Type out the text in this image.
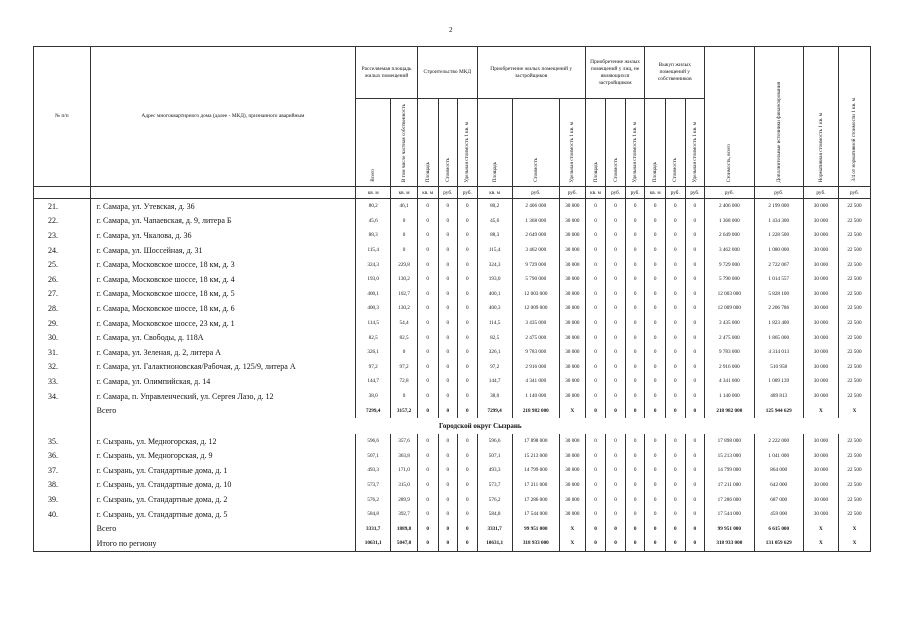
2
№ п/п	Адрес многоквартирного дома (далее - МКД), признанного аварийным	Расселяемая площадь жилых помещений		Строительство МКД			Приобретение жилых помещений у застройщиков			Приобретение жилых помещений у лиц, не являющихся застройщиком			Выкуп жилых помещений у собственников			Стоимость, всего	Дополнительные источники финансирования	Нормативная стоимость 1 кв. м	3/4 от нормативной стоимости 1 кв. м
		Всего	В том числе частная собственность	Площадь	Стоимость	Удельная стоимость 1 кв. м	Площадь	Стоимость	Удельная стоимость 1 кв. м	Площадь	Стоимость	Удельная стоимость 1 кв. м	Площадь	Стоимость	Удельная стоимость 1 кв. м				
		кв. м	кв. м	кв. м	руб.	руб.	кв. м	руб.	руб.	кв. м	руб.	руб.	кв. м	руб.	руб.	руб.	руб.	руб.	руб.
21.	г. Самара, ул. Утевская, д. 36	80,2	46,1	0	0	0	80,2	2 406 000	30 000	0	0	0	0	0	0	2 406 000	2 199 000	30 000	22 500
22.	г. Самара, ул. Чапаевская, д. 9, литера Б	45,6	0	0	0	0	45,6	1 368 000	30 000	0	0	0	0	0	0	1 368 000	1 434 300	30 000	22 500
23.	г. Самара, ул. Чкалова, д. 36	88,3	0	0	0	0	88,3	2 649 000	30 000	0	0	0	0	0	0	2 649 000	1 228 500	30 000	22 500
24.	г. Самара, ул. Шоссейная, д. 31	115,4	0	0	0	0	115,4	3 462 000	30 000	0	0	0	0	0	0	3 462 000	1 080 000	30 000	22 500
25.	г. Самара, Московское шоссе, 18 км, д. 3	324,3	229,8	0	0	0	324,3	9 729 000	30 000	0	0	0	0	0	0	9 729 000	2 722 067	30 000	22 500
26.	г. Самара, Московское шоссе, 18 км, д. 4	193,0	130,2	0	0	0	193,0	5 790 000	30 000	0	0	0	0	0	0	5 790 000	1 014 557	30 000	22 500
27.	г. Самара, Московское шоссе, 18 км, д. 5	400,1	102,7	0	0	0	400,1	12 003 000	30 000	0	0	0	0	0	0	12 003 000	5 828 100	30 000	22 500
28.	г. Самара, Московское шоссе, 18 км, д. 6	400,3	130,2	0	0	0	400,3	12 009 000	30 000	0	0	0	0	0	0	12 009 000	2 206 786	30 000	22 500
29.	г. Самара, Московское шоссе, 23 км, д. 1	114,5	54,4	0	0	0	114,5	3 435 000	30 000	0	0	0	0	0	0	3 435 000	1 823 400	30 000	22 500
30.	г. Самара, ул. Свободы, д. 118А	82,5	82,5	0	0	0	82,5	2 475 000	30 000	0	0	0	0	0	0	2 475 000	1 865 000	30 000	22 500
31.	г. Самара, ул. Зеленая, д. 2, литера А	326,1	0	0	0	0	326,1	9 783 000	30 000	0	0	0	0	0	0	9 783 000	4 314 013	30 000	22 500
32.	г. Самара, ул. Галактионовская/Рабочая, д. 125/9, литера А	97,2	97,2	0	0	0	97,2	2 916 000	30 000	0	0	0	0	0	0	2 916 000	510 958	30 000	22 500
33.	г. Самара, ул. Олимпийская, д. 14	144,7	72,8	0	0	0	144,7	4 341 000	30 000	0	0	0	0	0	0	4 341 000	1 089 139	30 000	22 500
34.	г. Самара, п. Управленческий, ул. Сергея Лазо, д. 12	38,0	0	0	0	0	38,0	1 140 000	30 000	0	0	0	0	0	0	1 140 000	489 813	30 000	22 500
	Всего	7299,4	3157,2	0	0	0	7299,4	218 982 000	X	0	0	0	0	0	0	218 982 000	125 944 629	X	X
	Городской округ Сызрань																		
35.	г. Сызрань, ул. Медногорская, д. 12	596,6	357,6	0	0	0	596,6	17 898 000	30 000	0	0	0	0	0	0	17 898 000	2 222 000	30 000	22 500
36.	г. Сызрань, ул. Медногорская, д. 9	507,1	363,8	0	0	0	507,1	15 213 000	30 000	0	0	0	0	0	0	15 213 000	1 041 000	30 000	22 500
37.	г. Сызрань, ул. Стандартные дома, д. 1	493,3	171,0	0	0	0	493,3	14 799 000	30 000	0	0	0	0	0	0	14 799 000	864 000	30 000	22 500
38.	г. Сызрань, ул. Стандартные дома, д. 10	573,7	315,0	0	0	0	573,7	17 211 000	30 000	0	0	0	0	0	0	17 211 000	642 000	30 000	22 500
39.	г. Сызрань, ул. Стандартные дома, д. 2	576,2	289,9	0	0	0	576,2	17 286 000	30 000	0	0	0	0	0	0	17 286 000	687 000	30 000	22 500
40.	г. Сызрань, ул. Стандартные дома, д. 5	584,8	392,7	0	0	0	584,8	17 544 000	30 000	0	0	0	0	0	0	17 544 000	459 000	30 000	22 500
	Всего	3331,7	1889,8	0	0	0	3331,7	99 951 000	X	0	0	0	0	0	0	99 951 000	6 615 000	X	X
	Итого по региону	10631,1	5047,0	0	0	0	10631,1	318 933 000	X	0	0	0	0	0	0	318 933 000	131 059 629	X	X
